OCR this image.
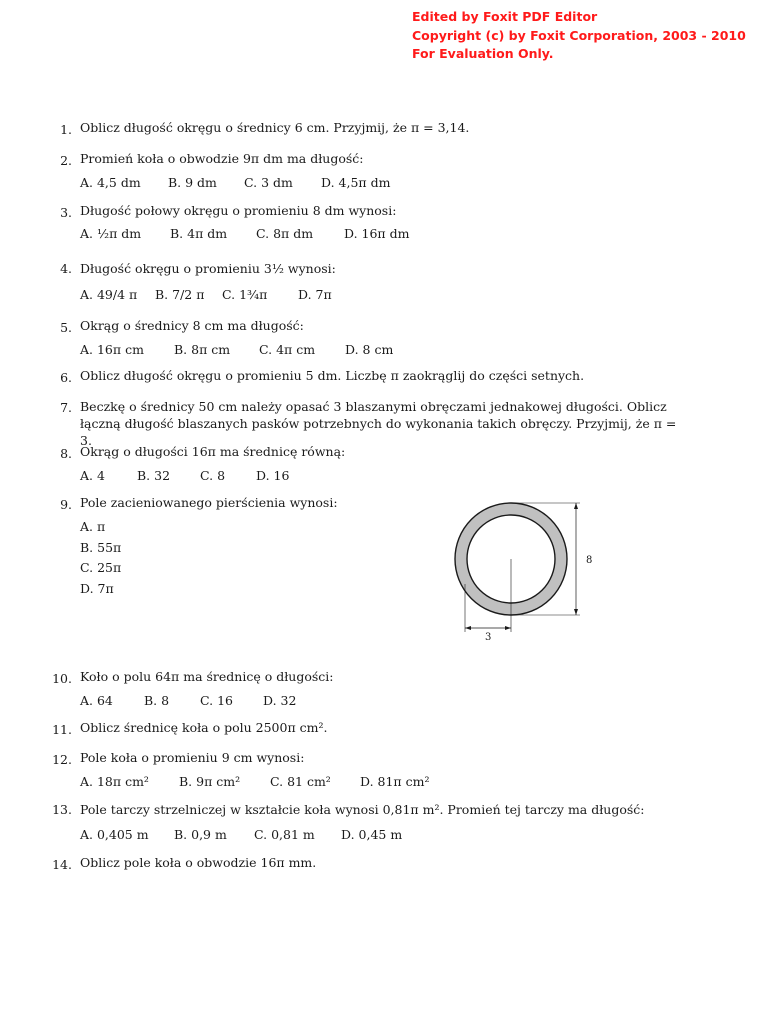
Edited by Foxit PDF Editor
Copyright (c) by Foxit Corporation, 2003 - 2010
For Evaluation Only.
1. Oblicz długość okręgu o średnicy 6 cm. Przyjmij, że π = 3,14.
2. Promień koła o obwodzie 9π dm ma długość:
A. 4,5 dm B. 9 dm C. 3 dm D. 4,5π dm
3. Długość połowy okręgu o promieniu 8 dm wynosi:
A. ½π dm B. 4π dm C. 8π dm D. 16π dm
4. Długość okręgu o promieniu 3½ wynosi:
A. 49/4 π B. 7/2 π C. 1¾π D. 7π
5. Okrąg o średnicy 8 cm ma długość:
A. 16π cm B. 8π cm C. 4π cm D. 8 cm
6. Oblicz długość okręgu o promieniu 5 dm. Liczbę π zaokrąglij do części setnych.
7. Beczkę o średnicy 50 cm należy opasać 3 blaszanymi obręczami jednakowej długości. Oblicz łączną długość blaszanych pasków potrzebnych do wykonania takich obręczy. Przyjmij, że π = 3.
8. Okrąg o długości 16π ma średnicę równą:
A. 4	B. 32 C. 8 D. 16
9. Pole zacieniowanego pierścienia wynosi:
A. π
B. 55π
C. 25π
D. 7π
8
3
10. Koło o polu 64π ma średnicę o długości:
A. 64 B. 8 C. 16 D. 32
11. Oblicz średnicę koła o polu 2500π cm².
12. Pole koła o promieniu 9 cm wynosi:
A. 18π cm² B. 9π cm² C. 81 cm² D. 81π cm²
13. Pole tarczy strzelniczej w kształcie koła wynosi 0,81π m². Promień tej tarczy ma długość:
A. 0,405 m B. 0,9 m C. 0,81 m D. 0,45 m
14. Oblicz pole koła o obwodzie 16π mm.
